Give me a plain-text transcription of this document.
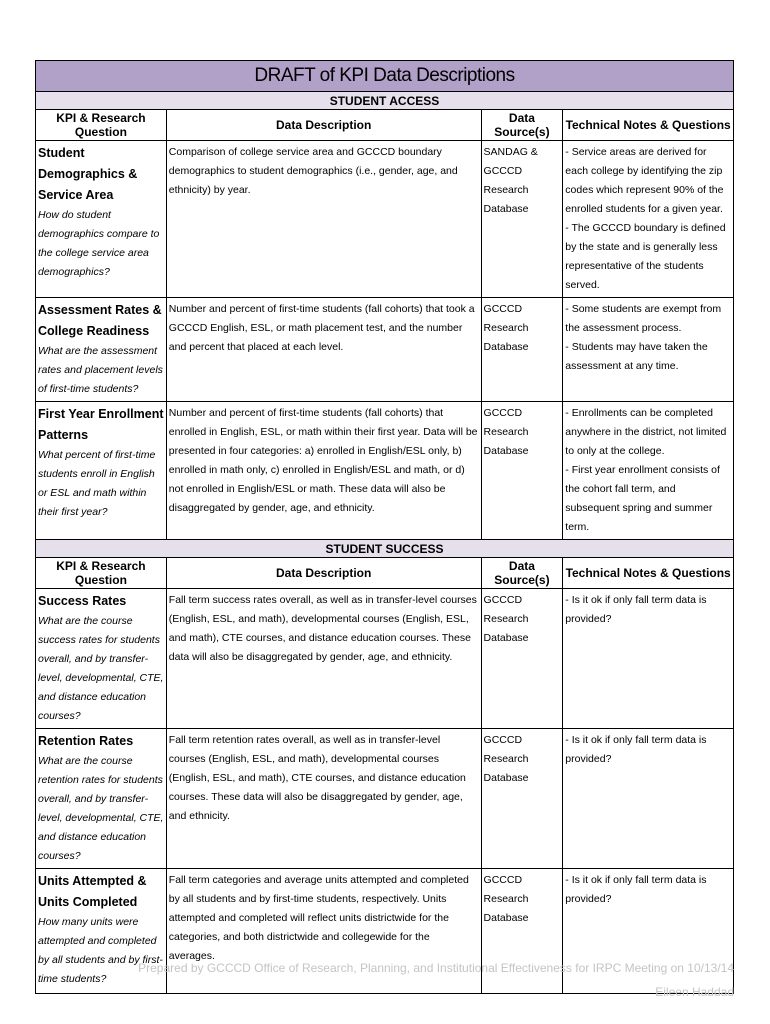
DRAFT of KPI Data Descriptions			
STUDENT ACCESS			
KPI & Research Question	Data Description	Data Source(s)	Technical Notes & Questions

Student Demographics & Service Area
How do student demographics compare to the college service area demographics?	Comparison of college service area and GCCCD boundary demographics to student demographics (i.e., gender, age, and ethnicity) by year.	SANDAG & GCCCD Research Database	- Service areas are derived for each college by identifying the zip codes which represent 90% of the enrolled students for a given year.
- The GCCCD boundary is defined by the state and is generally less representative of the students served.

Assessment Rates & College Readiness
What are the assessment rates and placement levels of first-time students?	Number and percent of first-time students (fall cohorts) that took a GCCCD English, ESL, or math placement test, and the number and percent that placed at each level.	GCCCD Research Database	- Some students are exempt from the assessment process.
- Students may have taken the assessment at any time.

First Year Enrollment Patterns
What percent of first-time students enroll in English or ESL and math within their first year?	Number and percent of first-time students (fall cohorts) that enrolled in English, ESL, or math within their first year. Data will be presented in four categories: a) enrolled in English/ESL only, b) enrolled in math only, c) enrolled in English/ESL and math, or d) not enrolled in English/ESL or math. These data will also be disaggregated by gender, age, and ethnicity.	GCCCD Research Database	- Enrollments can be completed anywhere in the district, not limited to only at the college.
- First year enrollment consists of the cohort fall term, and subsequent spring and summer term.

STUDENT SUCCESS			
KPI & Research Question	Data Description	Data Source(s)	Technical Notes & Questions

Success Rates
What are the course success rates for students overall, and by transfer-level, developmental, CTE, and distance education courses?	Fall term success rates overall, as well as in transfer-level courses (English, ESL, and math), developmental courses (English, ESL, and math), CTE courses, and distance education courses. These data will also be disaggregated by gender, age, and ethnicity.	GCCCD Research Database	- Is it ok if only fall term data is provided?

Retention Rates
What are the course retention rates for students overall, and by transfer-level, developmental, CTE, and distance education courses?	Fall term retention rates overall, as well as in transfer-level courses (English, ESL, and math), developmental courses (English, ESL, and math), CTE courses, and distance education courses. These data will also be disaggregated by gender, age, and ethnicity.	GCCCD Research Database	- Is it ok if only fall term data is provided?

Units Attempted & Units Completed
How many units were attempted and completed by all students and by first-time students?	Fall term categories and average units attempted and completed by all students and by first-time students, respectively. Units attempted and completed will reflect units districtwide for the categories, and both districtwide and collegewide for the averages.	GCCCD Research Database	- Is it ok if only fall term data is provided?
Prepared by GCCCD Office of Research, Planning, and Institutional Effectiveness for IRPC Meeting on 10/13/14
Eileen Haddad
